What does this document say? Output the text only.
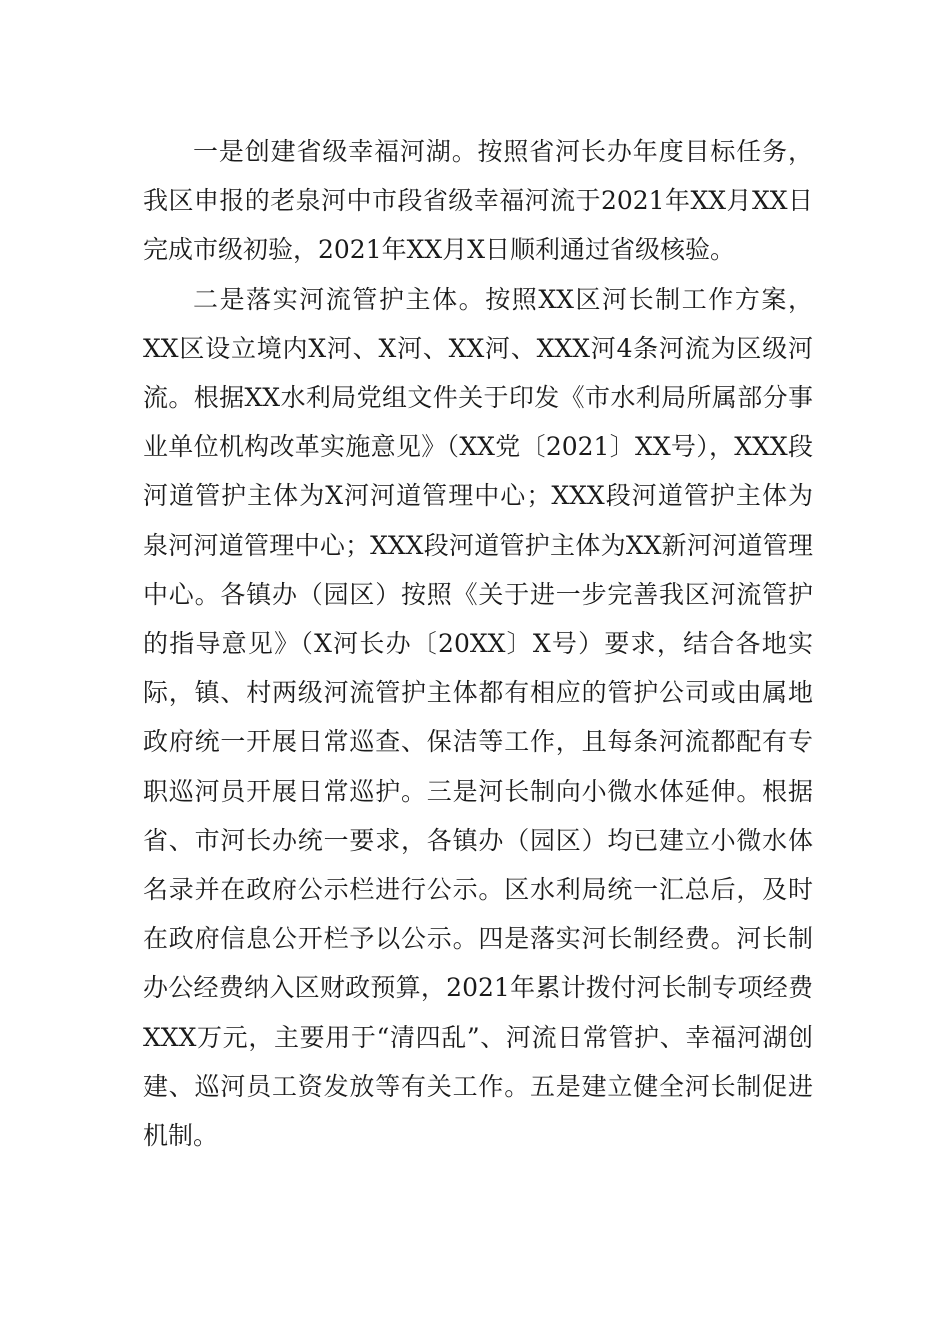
一是创建省级幸福河湖。按照省河长办年度目标任务，我区申报的老泉河中市段省级幸福河流于2021年XX月XX日完成市级初验，2021年XX月X日顺利通过省级核验。

二是落实河流管护主体。按照XX区河长制工作方案，XX区设立境内X河、X河、XX河、XXX河4条河流为区级河流。根据XX水利局党组文件关于印发《市水利局所属部分事业单位机构改革实施意见》（XX党〔2021〕XX号），XXX段河道管护主体为X河河道管理中心；XXX段河道管护主体为泉河河道管理中心；XXX段河道管护主体为XX新河河道管理中心。各镇办（园区）按照《关于进一步完善我区河流管护的指导意见》（X河长办〔20XX〕X号）要求，结合各地实际，镇、村两级河流管护主体都有相应的管护公司或由属地政府统一开展日常巡查、保洁等工作，且每条河流都配有专职巡河员开展日常巡护。三是河长制向小微水体延伸。根据省、市河长办统一要求，各镇办（园区）均已建立小微水体名录并在政府公示栏进行公示。区水利局统一汇总后，及时在政府信息公开栏予以公示。四是落实河长制经费。河长制办公经费纳入区财政预算，2021年累计拨付河长制专项经费XXX万元，主要用于“清四乱”、河流日常管护、幸福河湖创建、巡河员工资发放等有关工作。五是建立健全河长制促进机制。
